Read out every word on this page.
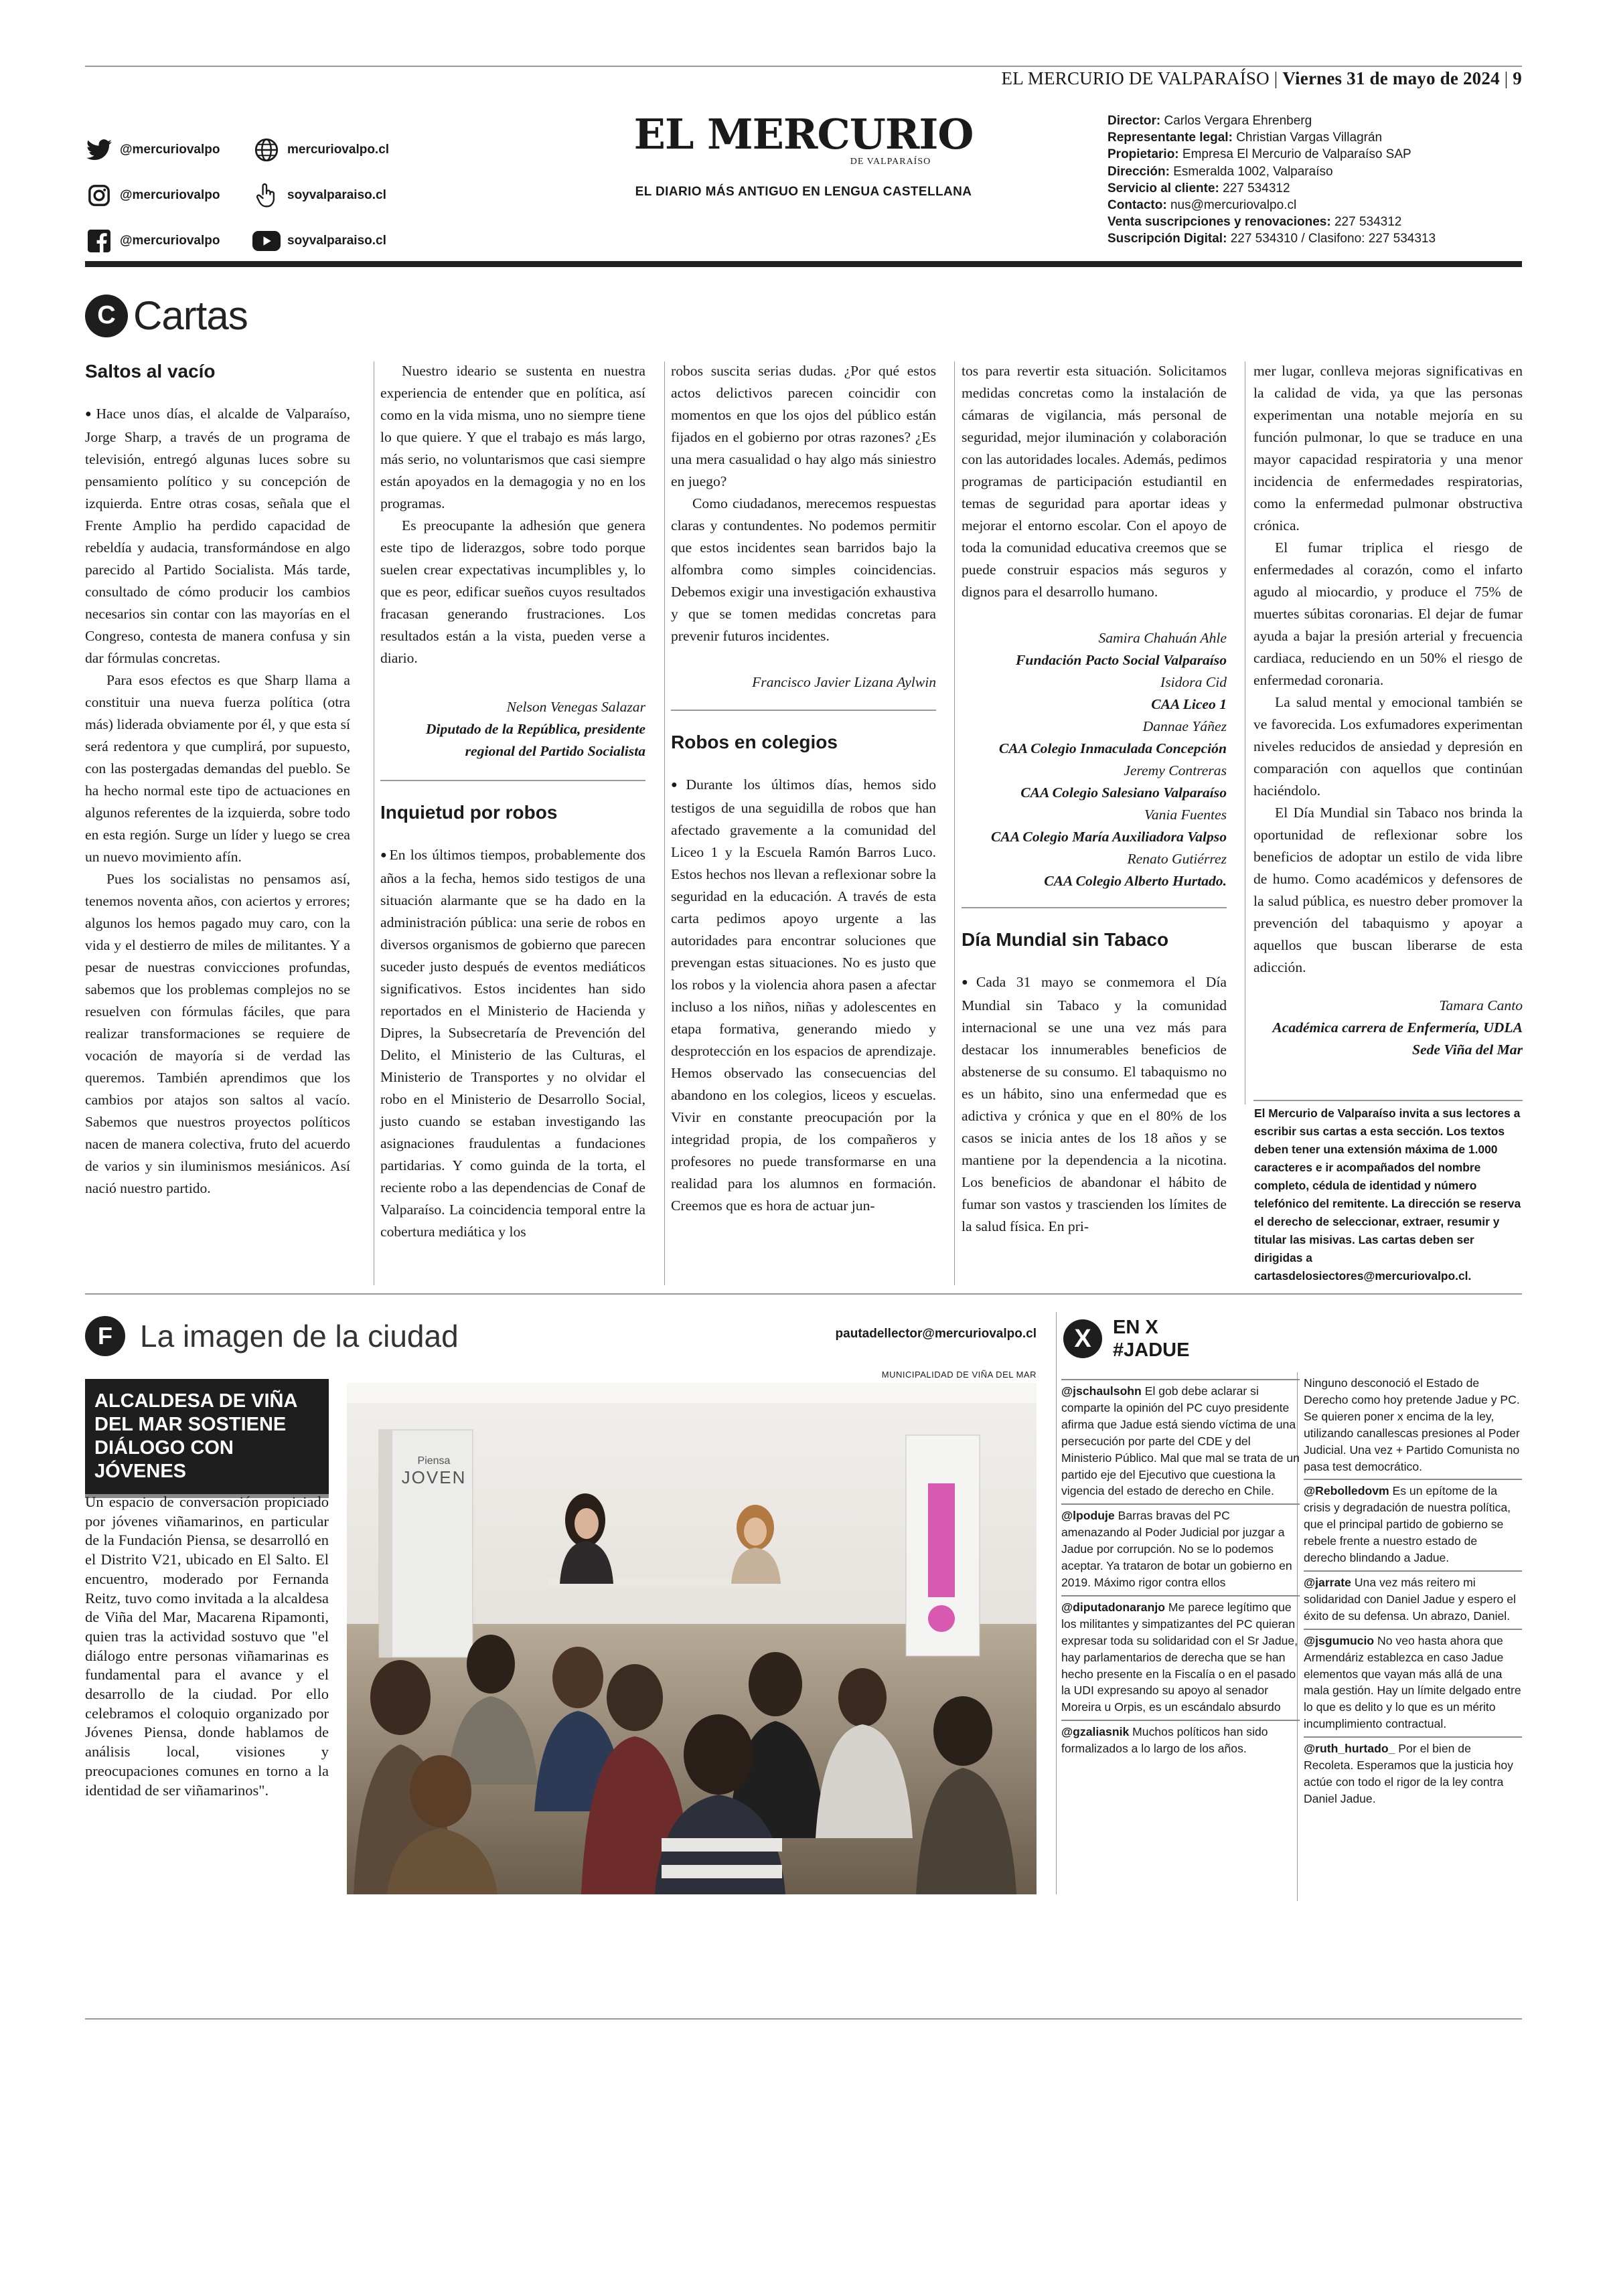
EL MERCURIO DE VALPARAÍSO | Viernes 31 de mayo de 2024 | 9
@mercuriovalpo	mercuriovalpo.cl
@mercuriovalpo	soyvalparaiso.cl
@mercuriovalpo	soyvalparaiso.cl
EL MERCURIO
DE VALPARAÍSO
EL DIARIO MÁS ANTIGUO EN LENGUA CASTELLANA
Director: Carlos Vergara Ehrenberg
Representante legal: Christian Vargas Villagrán
Propietario: Empresa El Mercurio de Valparaíso SAP
Dirección: Esmeralda 1002, Valparaíso
Servicio al cliente: 227 534312
Contacto: nus@mercuriovalpo.cl
Venta suscripciones y renovaciones: 227 534312
Suscripción Digital: 227 534310 / Clasifono: 227 534313
C Cartas
Saltos al vacío

● Hace unos días, el alcalde de Valparaíso, Jorge Sharp, a través de un programa de televisión, entregó algunas luces sobre su pensamiento político y su concepción de izquierda. Entre otras cosas, señala que el Frente Amplio ha perdido capacidad de rebeldía y audacia, transformándose en algo parecido al Partido Socialista. Más tarde, consultado de cómo producir los cambios necesarios sin contar con las mayorías en el Congreso, contesta de manera confusa y sin dar fórmulas concretas.

Para esos efectos es que Sharp llama a constituir una nueva fuerza política (otra más) liderada obviamente por él, y que esta sí será redentora y que cumplirá, por supuesto, con las postergadas demandas del pueblo. Se ha hecho normal este tipo de actuaciones en algunos referentes de la izquierda, sobre todo en esta región. Surge un líder y luego se crea un nuevo movimiento afín.

Pues los socialistas no pensamos así, tenemos noventa años, con aciertos y errores; algunos los hemos pagado muy caro, con la vida y el destierro de miles de militantes. Y a pesar de nuestras convicciones profundas, sabemos que los problemas complejos no se resuelven con fórmulas fáciles, que para realizar transformaciones se requiere de vocación de mayoría si de verdad las queremos. También aprendimos que los cambios por atajos son saltos al vacío. Sabemos que nuestros proyectos políticos nacen de manera colectiva, fruto del acuerdo de varios y sin iluminismos mesiánicos. Así nació nuestro partido.

Nuestro ideario se sustenta en nuestra experiencia de entender que en política, así como en la vida misma, uno no siempre tiene lo que quiere. Y que el trabajo es más largo, más serio, no voluntarismos que casi siempre están apoyados en la demagogia y no en los programas.

Es preocupante la adhesión que genera este tipo de liderazgos, sobre todo porque suelen crear expectativas incumplibles y, lo que es peor, edificar sueños cuyos resultados fracasan generando frustraciones. Los resultados están a la vista, pueden verse a diario.

Nelson Venegas Salazar
Diputado de la República, presidente regional del Partido Socialista
Inquietud por robos

● En los últimos tiempos, probablemente dos años a la fecha, hemos sido testigos de una situación alarmante que se ha dado en la administración pública: una serie de robos en diversos organismos de gobierno que parecen suceder justo después de eventos mediáticos significativos. Estos incidentes han sido reportados en el Ministerio de Hacienda y Dipres, la Subsecretaría de Prevención del Delito, el Ministerio de las Culturas, el Ministerio de Transportes y no olvidar el robo en el Ministerio de Desarrollo Social, justo cuando se estaban investigando las asignaciones fraudulentas a fundaciones partidarias. Y como guinda de la torta, el reciente robo a las dependencias de Conaf de Valparaíso. La coincidencia temporal entre la cobertura mediática y los

robos suscita serias dudas. ¿Por qué estos actos delictivos parecen coincidir con momentos en que los ojos del público están fijados en el gobierno por otras razones? ¿Es una mera casualidad o hay algo más siniestro en juego?

Como ciudadanos, merecemos respuestas claras y contundentes. No podemos permitir que estos incidentes sean barridos bajo la alfombra como simples coincidencias. Debemos exigir una investigación exhaustiva y que se tomen medidas concretas para prevenir futuros incidentes.

Francisco Javier Lizana Aylwin
Robos en colegios

● Durante los últimos días, hemos sido testigos de una seguidilla de robos que han afectado gravemente a la comunidad del Liceo 1 y la Escuela Ramón Barros Luco. Estos hechos nos llevan a reflexionar sobre la seguridad en la educación. A través de esta carta pedimos apoyo urgente a las autoridades para encontrar soluciones que prevengan estas situaciones. No es justo que los robos y la violencia ahora pasen a afectar incluso a los niños, niñas y adolescentes en etapa formativa, generando miedo y desprotección en los espacios de aprendizaje. Hemos observado las consecuencias del abandono en los colegios, liceos y escuelas. Vivir en constante preocupación por la integridad propia, de los compañeros y profesores no puede transformarse en una realidad para los alumnos en formación. Creemos que es hora de actuar jun-

tos para revertir esta situación. Solicitamos medidas concretas como la instalación de cámaras de vigilancia, más personal de seguridad, mejor iluminación y colaboración con las autoridades locales. Además, pedimos programas de participación estudiantil en temas de seguridad para aportar ideas y mejorar el entorno escolar. Con el apoyo de toda la comunidad educativa creemos que se puede construir espacios más seguros y dignos para el desarrollo humano.

Samira Chahuán Ahle
Fundación Pacto Social Valparaíso
Isidora Cid
CAA Liceo 1
Dannae Yáñez
CAA Colegio Inmaculada Concepción
Jeremy Contreras
CAA Colegio Salesiano Valparaíso
Vania Fuentes
CAA Colegio María Auxiliadora Valpso
Renato Gutiérrez
CAA Colegio Alberto Hurtado.
Día Mundial sin Tabaco

● Cada 31 mayo se conmemora el Día Mundial sin Tabaco y la comunidad internacional se une una vez más para destacar los innumerables beneficios de abstenerse de su consumo. El tabaquismo no es un hábito, sino una enfermedad que es adictiva y crónica y que en el 80% de los casos se inicia antes de los 18 años y se mantiene por la dependencia a la nicotina. Los beneficios de abandonar el hábito de fumar son vastos y trascienden los límites de la salud física. En pri-

mer lugar, conlleva mejoras significativas en la calidad de vida, ya que las personas experimentan una notable mejoría en su función pulmonar, lo que se traduce en una mayor capacidad respiratoria y una menor incidencia de enfermedades respiratorias, como la enfermedad pulmonar obstructiva crónica.

El fumar triplica el riesgo de enfermedades al corazón, como el infarto agudo al miocardio, y produce el 75% de muertes súbitas coronarias. El dejar de fumar ayuda a bajar la presión arterial y frecuencia cardiaca, reduciendo en un 50% el riesgo de enfermedad coronaria.

La salud mental y emocional también se ve favorecida. Los exfumadores experimentan niveles reducidos de ansiedad y depresión en comparación con aquellos que continúan haciéndolo.

El Día Mundial sin Tabaco nos brinda la oportunidad de reflexionar sobre los beneficios de adoptar un estilo de vida libre de humo. Como académicos y defensores de la salud pública, es nuestro deber promover la prevención del tabaquismo y apoyar a aquellos que buscan liberarse de esta adicción.

Tamara Canto
Académica carrera de Enfermería, UDLA Sede Viña del Mar
El Mercurio de Valparaíso invita a sus lectores a escribir sus cartas a esta sección. Los textos deben tener una extensión máxima de 1.000 caracteres e ir acompañados del nombre completo, cédula de identidad y número telefónico del remitente. La dirección se reserva el derecho de seleccionar, extraer, resumir y titular las misivas. Las cartas deben ser dirigidas a cartasdelosiectores@mercuriovalpo.cl.
F La imagen de la ciudad	pautadellector@mercuriovalpo.cl
MUNICIPALIDAD DE VIÑA DEL MAR
ALCALDESA DE VIÑA DEL MAR SOSTIENE DIÁLOGO CON JÓVENES
Un espacio de conversación propiciado por jóvenes viñamarinos, en particular de la Fundación Piensa, se desarrolló en el Distrito V21, ubicado en El Salto. El encuentro, moderado por Fernanda Reitz, tuvo como invitada a la alcaldesa de Viña del Mar, Macarena Ripamonti, quien tras la actividad sostuvo que "el diálogo entre personas viñamarinas es fundamental para el avance y el desarrollo de la ciudad. Por ello celebramos el coloquio organizado por Jóvenes Piensa, donde hablamos de análisis local, visiones y preocupaciones comunes en torno a la identidad de ser viñamarinos".
Piensa
JOVEN
X	EN X
#JADUE
@jschaulsohn El gob debe aclarar si comparte la opinión del PC cuyo presidente afirma que Jadue está siendo víctima de una persecución por parte del CDE y del Ministerio Público. Mal que mal se trata de un partido eje del Ejecutivo que cuestiona la vigencia del estado de derecho en Chile.
@lpoduje Barras bravas del PC amenazando al Poder Judicial por juzgar a Jadue por corrupción. No se lo podemos aceptar. Ya trataron de botar un gobierno en 2019. Máximo rigor contra ellos
@diputadonaranjo Me parece legítimo que los militantes y simpatizantes del PC quieran expresar toda su solidaridad con el Sr Jadue, hay parlamentarios de derecha que se han hecho presente en la Fiscalía o en el pasado la UDI expresando su apoyo al senador Moreira u Orpis, es un escándalo absurdo
@gzaliasnik Muchos políticos han sido formalizados a lo largo de los años.
Ninguno desconoció el Estado de Derecho como hoy pretende Jadue y PC. Se quieren poner x encima de la ley, utilizando canallescas presiones al Poder Judicial. Una vez + Partido Comunista no pasa test democrático.
@Rebolledovm Es un epítome de la crisis y degradación de nuestra política, que el principal partido de gobierno se rebele frente a nuestro estado de derecho blindando a Jadue.
@jarrate Una vez más reitero mi solidaridad con Daniel Jadue y espero el éxito de su defensa. Un abrazo, Daniel.
@jsgumucio No veo hasta ahora que Armendáriz establezca en caso Jadue elementos que vayan más allá de una mala gestión. Hay un límite delgado entre lo que es delito y lo que es un mérito incumplimiento contractual.
@ruth_hurtado_ Por el bien de Recoleta. Esperamos que la justicia hoy actúe con todo el rigor de la ley contra Daniel Jadue.
